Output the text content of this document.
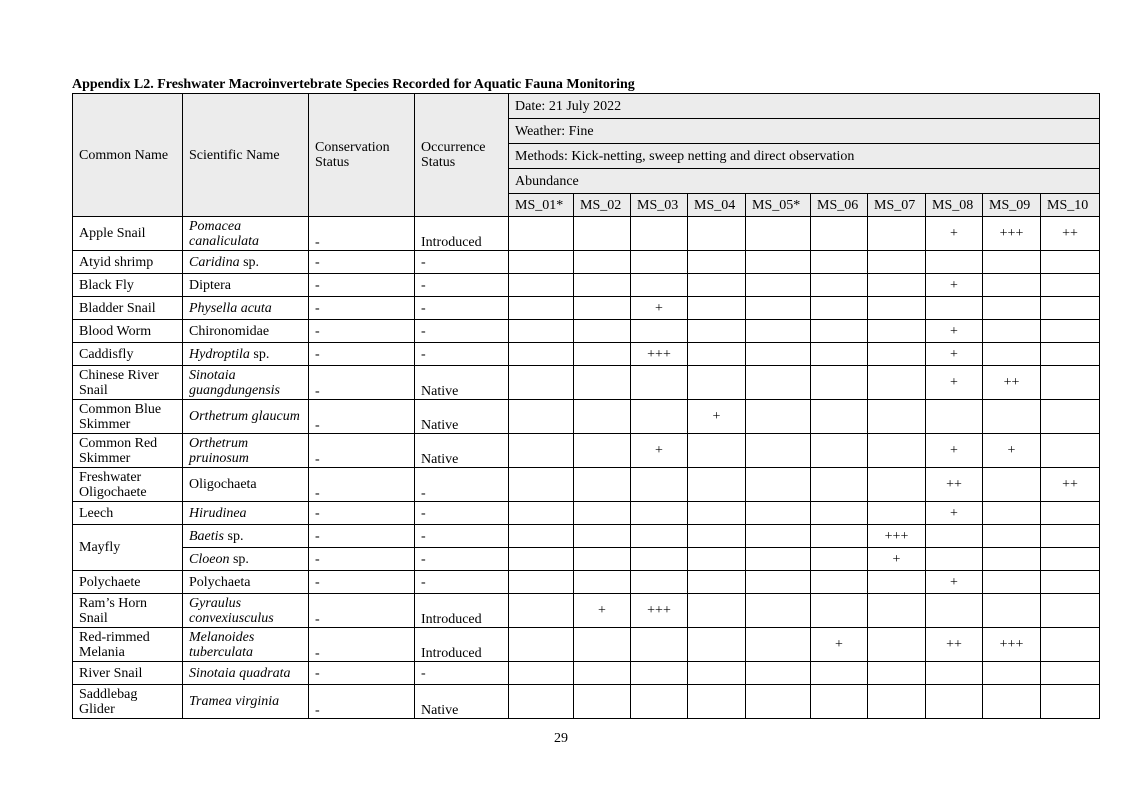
Appendix L2. Freshwater Macroinvertebrate Species Recorded for Aquatic Fauna Monitoring
Common Name	Scientific Name	Conservation Status	Occurrence Status	Date: 21 July 2022									
				Weather: Fine									
				Methods: Kick-netting, sweep netting and direct observation									
				Abundance									
				MS_01*	MS_02	MS_03	MS_04	MS_05*	MS_06	MS_07	MS_08	MS_09	MS_10
Apple Snail	Pomacea canaliculata	-	Introduced								+	+++	++
Atyid shrimp	Caridina sp.	-	-										
Black Fly	Diptera	-	-								+		
Bladder Snail	Physella acuta	-	-			+							
Blood Worm	Chironomidae	-	-								+		
Caddisfly	Hydroptila sp.	-	-			+++					+		
Chinese River Snail	Sinotaia guangdungensis	-	Native								+	++	
Common Blue Skimmer	Orthetrum glaucum	-	Native				+						
Common Red Skimmer	Orthetrum pruinosum	-	Native			+					+	+	
Freshwater Oligochaete	Oligochaeta	-	-								++		++
Leech	Hirudinea	-	-								+		
Mayfly	Baetis sp.	-	-							+++			
	Cloeon sp.	-	-							+			
Polychaete	Polychaeta	-	-								+		
Ram’s Horn Snail	Gyraulus convexiusculus	-	Introduced		+	+++							
Red-rimmed Melania	Melanoides tuberculata	-	Introduced						+		++	+++	
River Snail	Sinotaia quadrata	-	-										
Saddlebag Glider	Tramea virginia	-	Native										
29
